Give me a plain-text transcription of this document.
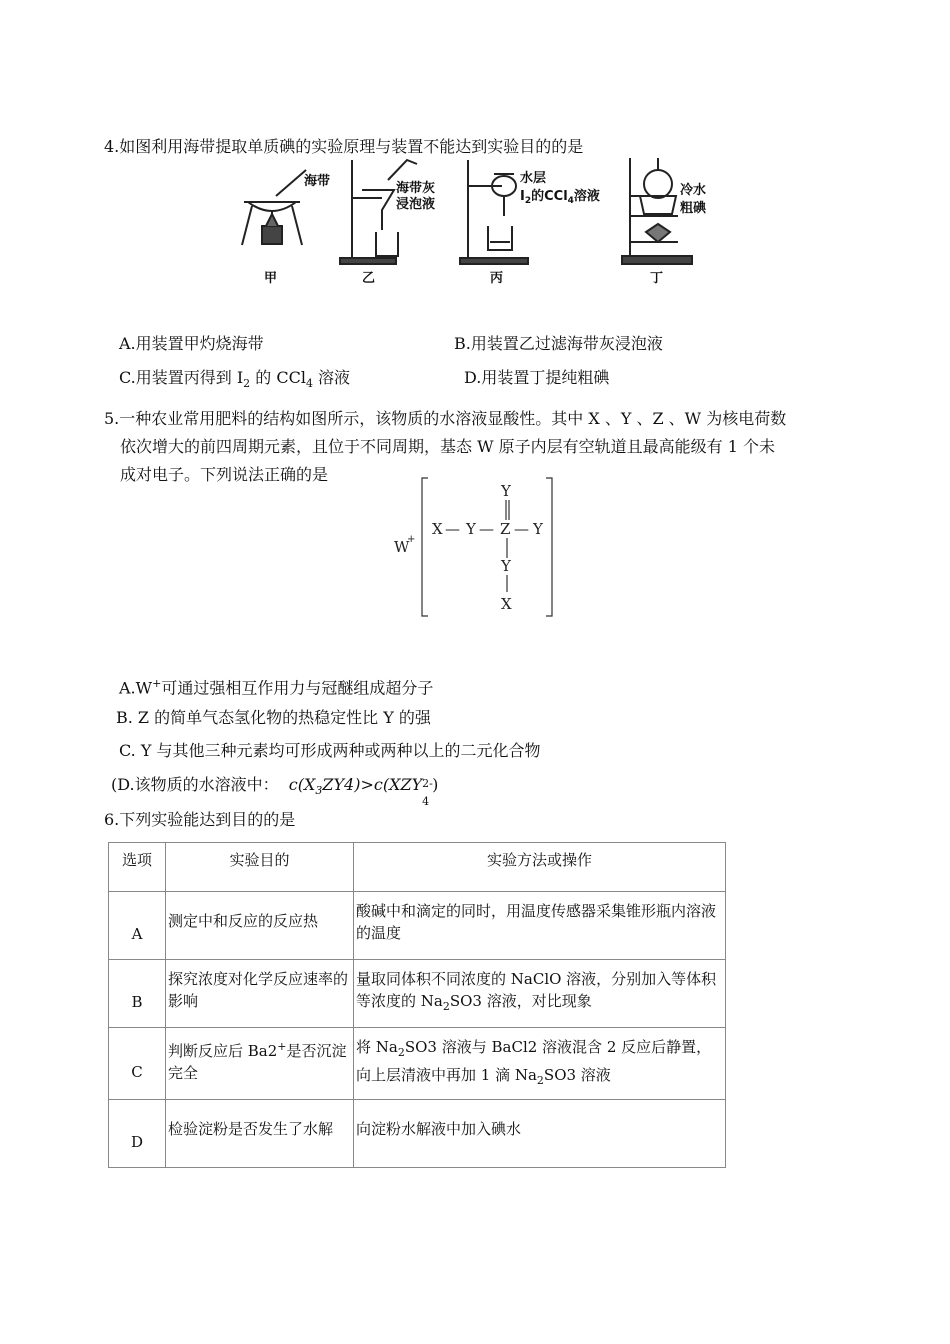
4.如图利用海带提取单质碘的实验原理与装置不能达到实验目的的是
海带	海带灰
浸泡液
水层
$I_2$的CCl$_4$溶液	冷水
粗碘
甲	乙	丙	丁
A.用装置甲灼烧海带	B.用装置乙过滤海带灰浸泡液
C.用装置丙得到 $I_2$ 的 CCl$_4$ 溶液	D.用装置丁提纯粗碘
5.一种农业常用肥料的结构如图所示，该物质的水溶液显酸性。其中 X 、Y 、Z 、W 为核电荷数
依次增大的前四周期元素，且位于不同周期，基态 W 原子内层有空轨道且最高能级有 1 个未
成对电子。下列说法正确的是
W
+
X — Y — Z — Y
Y
Y
X
A.W+可通过强相互作用力与冠醚组成超分子
B. Z 的简单气态氢化物的热稳定性比 Y 的强
C. Y 与其他三种元素均可形成两种或两种以上的二元化合物
(D.该物质的水溶液中： $c(X_3ZY4)>c(XZY$ 2-
4
)
6.下列实验能达到目的的是
选项	实验目的	实验方法或操作
A	测定中和反应的反应热	酸碱中和滴定的同时，用温度传感器采集锥形瓶内溶液的温度
B	探究浓度对化学反应速率的影响	量取同体积不同浓度的 NaClO 溶液，分别加入等体积等浓度的 $Na_2SO3$ 溶液，对比现象
C	判断反应后 Ba2+是否沉淀完全	将 $Na_2SO3$ 溶液与 BaCl2 溶液混含 2 反应后静置，向上层清液中再加 1 滴 $Na_2SO3$ 溶液
D	检验淀粉是否发生了水解	向淀粉水解液中加入碘水
